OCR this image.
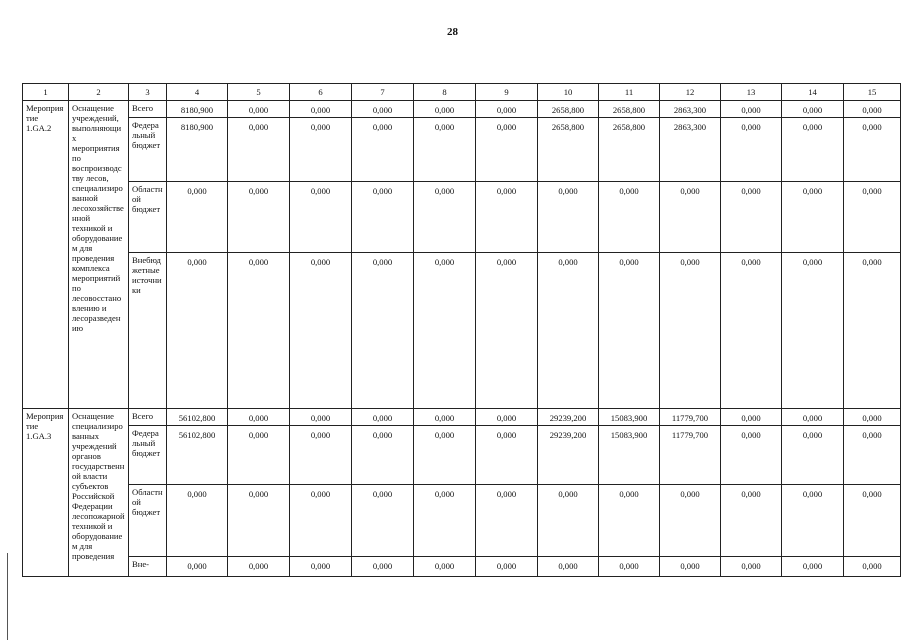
28
1	2	3	4	5	6	7	8	9	10	11	12	13	14	15
Мероприятие 1.GA.2	Оснащение учреждений, выполняющих мероприятия по воспроизводству лесов, специализированной лесохозяйственной техникой и оборудованием для проведения комплекса мероприятий по лесовосстановлению и лесоразведению	Всего	8180,900	0,000	0,000	0,000	0,000	0,000	2658,800	2658,800	2863,300	0,000	0,000	0,000
		Федеральный бюджет	8180,900	0,000	0,000	0,000	0,000	0,000	2658,800	2658,800	2863,300	0,000	0,000	0,000
		Областной бюджет	0,000	0,000	0,000	0,000	0,000	0,000	0,000	0,000	0,000	0,000	0,000	0,000
		Внебюджетные источники	0,000	0,000	0,000	0,000	0,000	0,000	0,000	0,000	0,000	0,000	0,000	0,000
Мероприятие 1.GA.3	Оснащение специализированных учреждений органов государственной власти субъектов Российской Федерации лесопожарной техникой и оборудованием для проведения	Всего	56102,800	0,000	0,000	0,000	0,000	0,000	29239,200	15083,900	11779,700	0,000	0,000	0,000
		Федеральный бюджет	56102,800	0,000	0,000	0,000	0,000	0,000	29239,200	15083,900	11779,700	0,000	0,000	0,000
		Областной бюджет	0,000	0,000	0,000	0,000	0,000	0,000	0,000	0,000	0,000	0,000	0,000	0,000
		Вне-	0,000	0,000	0,000	0,000	0,000	0,000	0,000	0,000	0,000	0,000	0,000	0,000
